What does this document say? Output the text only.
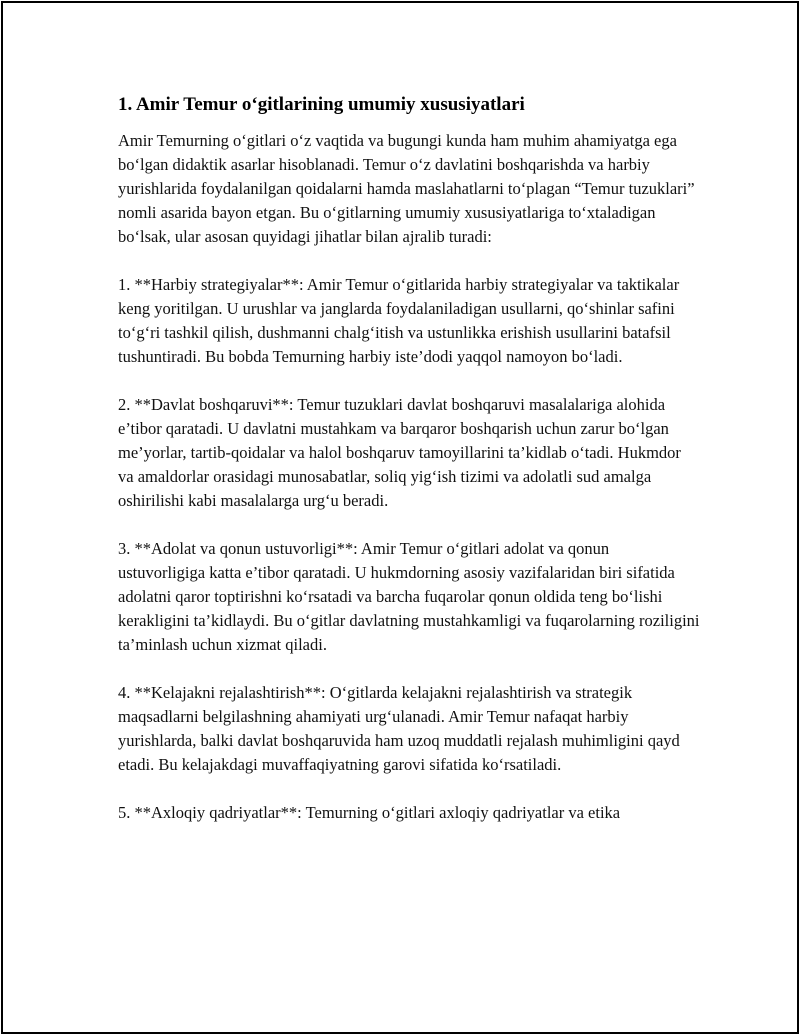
1. Amir Temur o‘gitlarining umumiy xususiyatlari

Amir Temurning o‘gitlari o‘z vaqtida va bugungi kunda ham muhim ahamiyatga ega bo‘lgan didaktik asarlar hisoblanadi. Temur o‘z davlatini boshqarishda va harbiy yurishlarida foydalanilgan qoidalarni hamda maslahatlarni to‘plagan “Temur tuzuklari” nomli asarida bayon etgan. Bu o‘gitlarning umumiy xususiyatlariga to‘xtaladigan bo‘lsak, ular asosan quyidagi jihatlar bilan ajralib turadi:

1. **Harbiy strategiyalar**: Amir Temur o‘gitlarida harbiy strategiyalar va taktikalar keng yoritilgan. U urushlar va janglarda foydalaniladigan usullarni, qo‘shinlar safini to‘g‘ri tashkil qilish, dushmanni chalg‘itish va ustunlikka erishish usullarini batafsil tushuntiradi. Bu bobda Temurning harbiy iste’dodi yaqqol namoyon bo‘ladi.

2. **Davlat boshqaruvi**: Temur tuzuklari davlat boshqaruvi masalalariga alohida e’tibor qaratadi. U davlatni mustahkam va barqaror boshqarish uchun zarur bo‘lgan me’yorlar, tartib-qoidalar va halol boshqaruv tamoyillarini ta’kidlab o‘tadi. Hukmdor va amaldorlar orasidagi munosabatlar, soliq yig‘ish tizimi va adolatli sud amalga oshirilishi kabi masalalarga urg‘u beradi.

3. **Adolat va qonun ustuvorligi**: Amir Temur o‘gitlari adolat va qonun ustuvorligiga katta e’tibor qaratadi. U hukmdorning asosiy vazifalaridan biri sifatida adolatni qaror toptirishni ko‘rsatadi va barcha fuqarolar qonun oldida teng bo‘lishi kerakligini ta’kidlaydi. Bu o‘gitlar davlatning mustahkamligi va fuqarolarning roziligini ta’minlash uchun xizmat qiladi.

4. **Kelajakni rejalashtirish**: O‘gitlarda kelajakni rejalashtirish va strategik maqsadlarni belgilashning ahamiyati urg‘ulanadi. Amir Temur nafaqat harbiy yurishlarda, balki davlat boshqaruvida ham uzoq muddatli rejalash muhimligini qayd etadi. Bu kelajakdagi muvaffaqiyatning garovi sifatida ko‘rsatiladi.

5. **Axloqiy qadriyatlar**: Temurning o‘gitlari axloqiy qadriyatlar va etika
